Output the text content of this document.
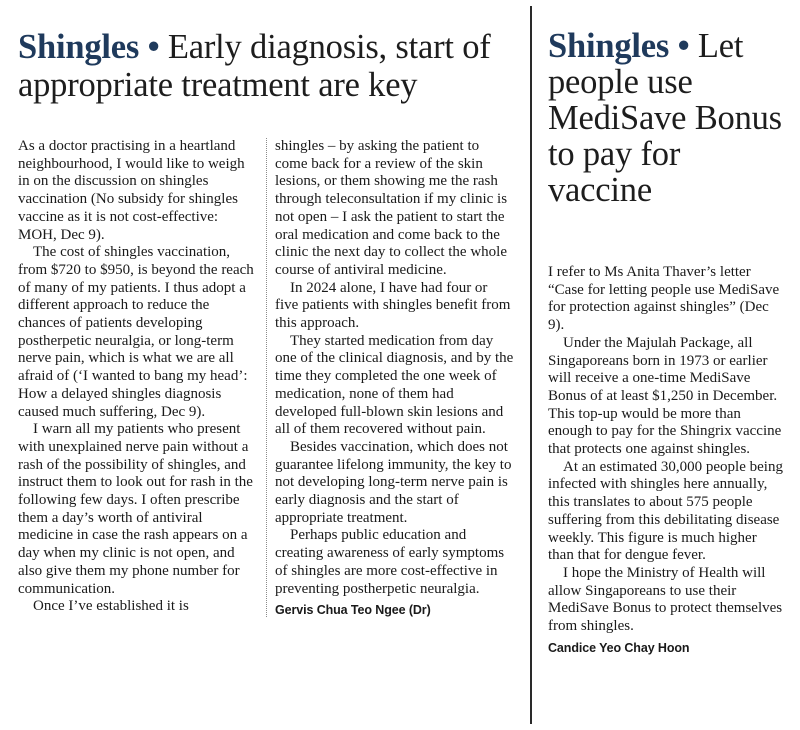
Shingles • Early diagnosis, start of appropriate treatment are key

As a doctor practising in a heartland neighbourhood, I would like to weigh in on the discussion on shingles vaccination (No subsidy for shingles vaccine as it is not cost-effective: MOH, Dec 9).

The cost of shingles vaccination, from $720 to $950, is beyond the reach of many of my patients. I thus adopt a different approach to reduce the chances of patients developing postherpetic neuralgia, or long-term nerve pain, which is what we are all afraid of (‘I wanted to bang my head’: How a delayed shingles diagnosis caused much suffering, Dec 9).

I warn all my patients who present with unexplained nerve pain without a rash of the possibility of shingles, and instruct them to look out for rash in the following few days. I often prescribe them a day’s worth of antiviral medicine in case the rash appears on a day when my clinic is not open, and also give them my phone number for communication.

Once I’ve established it is

shingles – by asking the patient to come back for a review of the skin lesions, or them showing me the rash through teleconsultation if my clinic is not open – I ask the patient to start the oral medication and come back to the clinic the next day to collect the whole course of antiviral medicine.

In 2024 alone, I have had four or five patients with shingles benefit from this approach.

They started medication from day one of the clinical diagnosis, and by the time they completed the one week of medication, none of them had developed full-blown skin lesions and all of them recovered without pain.

Besides vaccination, which does not guarantee lifelong immunity, the key to not developing long-term nerve pain is early diagnosis and the start of appropriate treatment.

Perhaps public education and creating awareness of early symptoms of shingles are more cost-effective in preventing postherpetic neuralgia.

Gervis Chua Teo Ngee (Dr)
Shingles • Let people use MediSave Bonus to pay for vaccine

I refer to Ms Anita Thaver’s letter “Case for letting people use MediSave for protection against shingles” (Dec 9).

Under the Majulah Package, all Singaporeans born in 1973 or earlier will receive a one-time MediSave Bonus of at least $1,250 in December. This top-up would be more than enough to pay for the Shingrix vaccine that protects one against shingles.

At an estimated 30,000 people being infected with shingles here annually, this translates to about 575 people suffering from this debilitating disease weekly. This figure is much higher than that for dengue fever.

I hope the Ministry of Health will allow Singaporeans to use their MediSave Bonus to protect themselves from shingles.

Candice Yeo Chay Hoon
